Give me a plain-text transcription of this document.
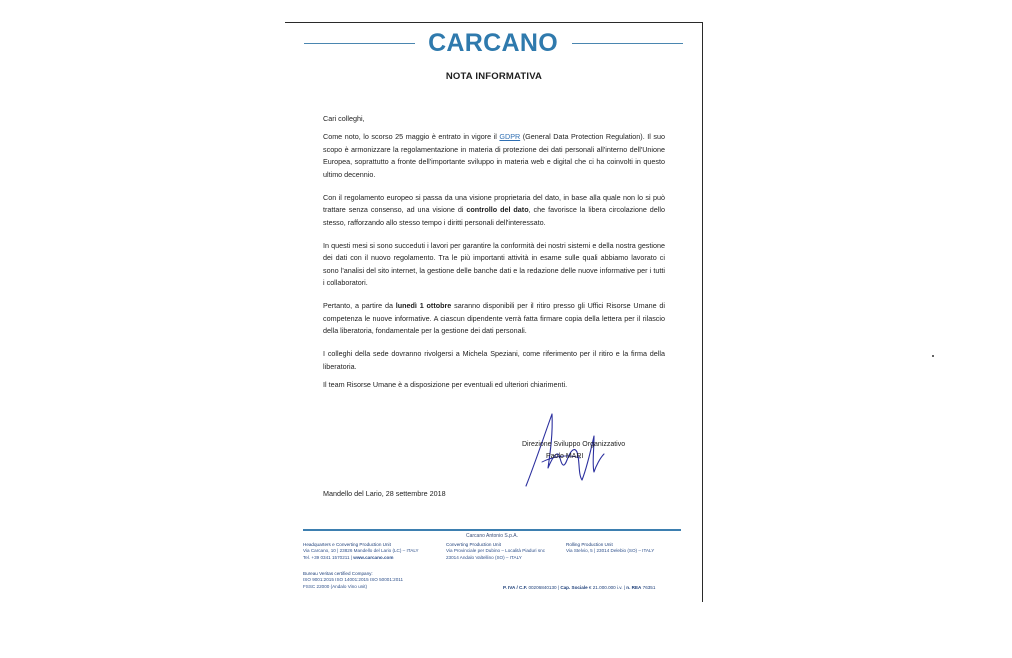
CARCANO
NOTA INFORMATIVA
Cari colleghi,

Come noto, lo scorso 25 maggio è entrato in vigore il GDPR (General Data Protection Regulation). Il suo scopo è armonizzare la regolamentazione in materia di protezione dei dati personali all'interno dell'Unione Europea, soprattutto a fronte dell'importante sviluppo in materia web e digital che ci ha coinvolti in questo ultimo decennio.

Con il regolamento europeo si passa da una visione proprietaria del dato, in base alla quale non lo si può trattare senza consenso, ad una visione di controllo del dato, che favorisce la libera circolazione dello stesso, rafforzando allo stesso tempo i diritti personali dell'interessato.

In questi mesi si sono succeduti i lavori per garantire la conformità dei nostri sistemi e della nostra gestione dei dati con il nuovo regolamento. Tra le più importanti attività in esame sulle quali abbiamo lavorato ci sono l'analisi del sito internet, la gestione delle banche dati e la redazione delle nuove informative per i tutti i collaboratori.

Pertanto, a partire da lunedì 1 ottobre saranno disponibili per il ritiro presso gli Uffici Risorse Umane di competenza le nuove informative. A ciascun dipendente verrà fatta firmare copia della lettera per il rilascio della liberatoria, fondamentale per la gestione dei dati personali.

I colleghi della sede dovranno rivolgersi a Michela Speziani, come riferimento per il ritiro e la firma della liberatoria.

Il team Risorse Umane è a disposizione per eventuali ed ulteriori chiarimenti.
Direzione Sviluppo Organizzativo
Paolo MARI
Mandello del Lario, 28 settembre 2018
Carcano Antonio S.p.A.
Headquarters e Converting Production Unit
Via Carcano, 10 | 23826 Mandello del Lario (LC) – ITALY
Tel. +39 0341 1570211 | www.carcano.com
Converting Production Unit
Via Provinciale per Dubino – Località Piaduri snc
23014 Andalo Valtellino (SO) – ITALY
Rolling Production Unit
Via Stelvio, 5 | 23014 Delebio (SO) – ITALY
Bureau Veritas certified Company:
ISO 9001:2015 ISO 14001:2015 ISO 50001:2011
FSSC 22000 (Andalo Vino unit)	P. IVA / C.F. 00206840130 | Cap. Sociale € 21.000.000 i.v. | n. REA 76351
